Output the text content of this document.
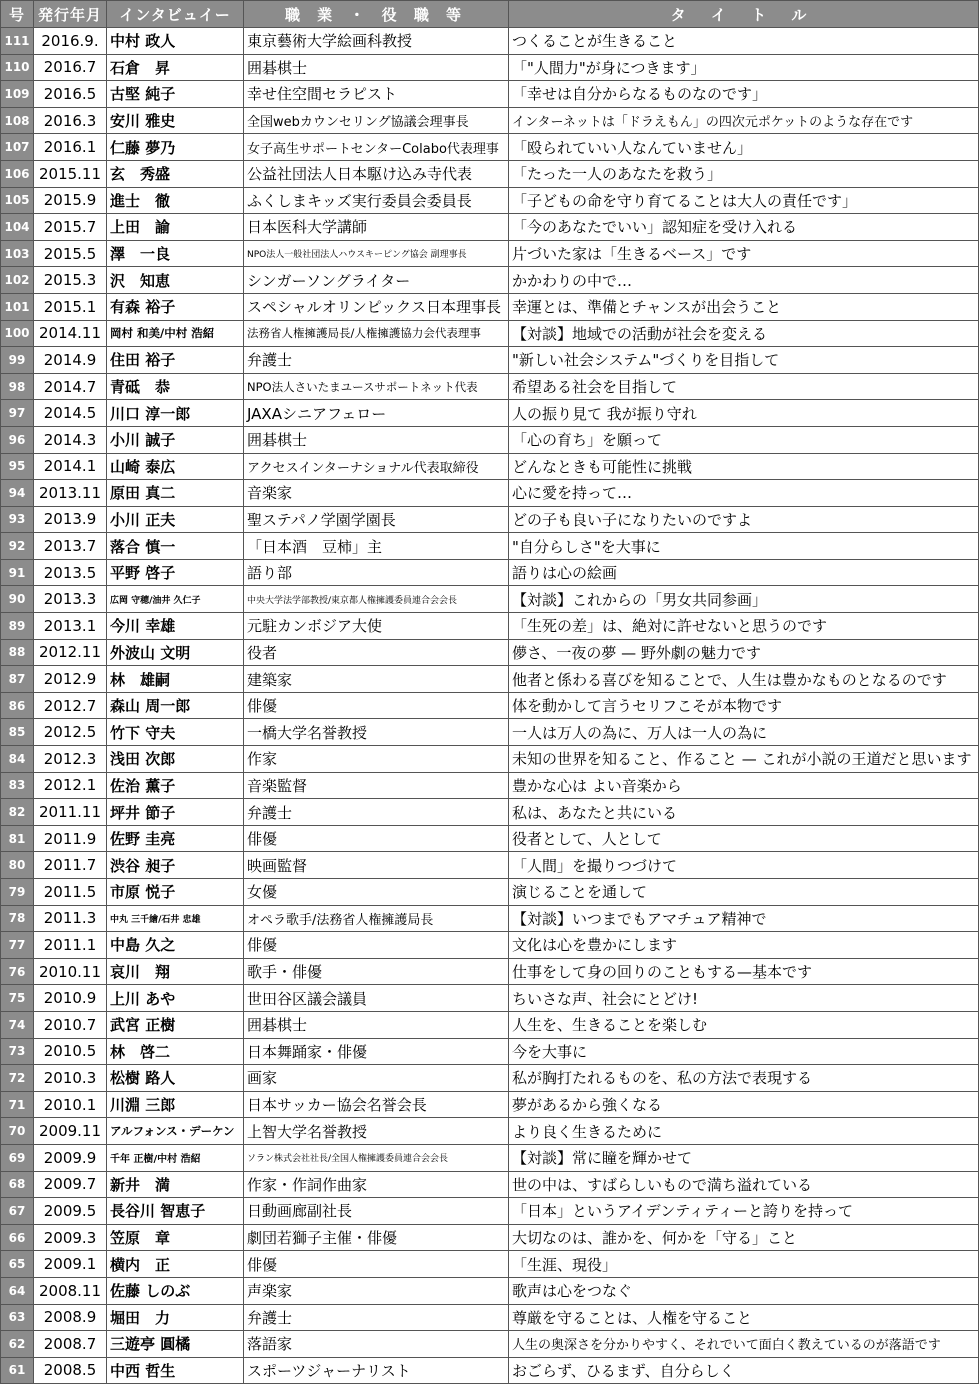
号	発行年月	インタビュイー	職 業 ・ 役 職 等	タ イ ト ル
111	2016.9.	中村 政人	東京藝術大学絵画科教授	つくることが生きること
110	2016.7	石倉　昇	囲碁棋士	「"人間力"が身につきます」
109	2016.5	古堅 純子	幸せ住空間セラピスト	「幸せは自分からなるものなのです」
108	2016.3	安川 雅史	全国webカウンセリング協議会理事長	インターネットは「ドラえもん」の四次元ポケットのような存在です
107	2016.1	仁藤 夢乃	女子高生サポートセンターColabo代表理事	「殴られていい人なんていません」
106	2015.11	玄　秀盛	公益社団法人日本駆け込み寺代表	「たった一人のあなたを救う」
105	2015.9	進士　徹	ふくしまキッズ実行委員会委員長	「子どもの命を守り育てることは大人の責任です」
104	2015.7	上田　諭	日本医科大学講師	「今のあなたでいい」認知症を受け入れる
103	2015.5	澤　一良	NPO法人一般社団法人ハウスキーピング協会 副理事長	片づいた家は「生きるベース」です
102	2015.3	沢　知恵	シンガーソングライター	かかわりの中で…
101	2015.1	有森 裕子	スペシャルオリンピックス日本理事長	幸運とは、準備とチャンスが出会うこと
100	2014.11	岡村 和美/中村 浩紹	法務省人権擁護局長/人権擁護協力会代表理事	【対談】地域での活動が社会を変える
99	2014.9	住田 裕子	弁護士	"新しい社会システム"づくりを目指して
98	2014.7	青砥　恭	NPO法人さいたまユースサポートネット代表	希望ある社会を目指して
97	2014.5	川口 淳一郎	JAXAシニアフェロー	人の振り見て 我が振り守れ
96	2014.3	小川 誠子	囲碁棋士	「心の育ち」を願って
95	2014.1	山崎 泰広	アクセスインターナショナル代表取締役	どんなときも可能性に挑戦
94	2013.11	原田 真二	音楽家	心に愛を持って…
93	2013.9	小川 正夫	聖ステパノ学園学園長	どの子も良い子になりたいのですよ
92	2013.7	落合 慎一	「日本酒　豆柿」主	"自分らしさ"を大事に
91	2013.5	平野 啓子	語り部	語りは心の絵画
90	2013.3	広岡 守穂/油井 久仁子	中央大学法学部教授/東京都人権擁護委員連合会会長	【対談】これからの「男女共同参画」
89	2013.1	今川 幸雄	元駐カンボジア大使	「生死の差」は、絶対に許せないと思うのです
88	2012.11	外波山 文明	役者	儚さ、一夜の夢 — 野外劇の魅力です
87	2012.9	林　雄嗣	建築家	他者と係わる喜びを知ることで、人生は豊かなものとなるのです
86	2012.7	森山 周一郎	俳優	体を動かして言うセリフこそが本物です
85	2012.5	竹下 守夫	一橋大学名誉教授	一人は万人の為に、万人は一人の為に
84	2012.3	浅田 次郎	作家	未知の世界を知ること、作ること — これが小説の王道だと思います
83	2012.1	佐治 薫子	音楽監督	豊かな心は よい音楽から
82	2011.11	坪井 節子	弁護士	私は、あなたと共にいる
81	2011.9	佐野 圭亮	俳優	役者として、人として
80	2011.7	渋谷 昶子	映画監督	「人間」を撮りつづけて
79	2011.5	市原 悦子	女優	演じることを通して
78	2011.3	中丸 三千繪/石井 忠雄	オペラ歌手/法務省人権擁護局長	【対談】いつまでもアマチュア精神で
77	2011.1	中島 久之	俳優	文化は心を豊かにします
76	2010.11	哀川　翔	歌手・俳優	仕事をして身の回りのこともする—基本です
75	2010.9	上川 あや	世田谷区議会議員	ちいさな声、社会にとどけ!
74	2010.7	武宮 正樹	囲碁棋士	人生を、生きることを楽しむ
73	2010.5	林　啓二	日本舞踊家・俳優	今を大事に
72	2010.3	松樹 路人	画家	私が胸打たれるものを、私の方法で表現する
71	2010.1	川淵 三郎	日本サッカー協会名誉会長	夢があるから強くなる
70	2009.11	アルフォンス・デーケン	上智大学名誉教授	より良く生きるために
69	2009.9	千年 正樹/中村 浩紹	ソラン株式会社社長/全国人権擁護委員連合会会長	【対談】常に瞳を輝かせて
68	2009.7	新井　満	作家・作詞作曲家	世の中は、すばらしいもので満ち溢れている
67	2009.5	長谷川 智恵子	日動画廊副社長	「日本」というアイデンティティーと誇りを持って
66	2009.3	笠原　章	劇団若獅子主催・俳優	大切なのは、誰かを、何かを「守る」こと
65	2009.1	横内　正	俳優	「生涯、現役」
64	2008.11	佐藤 しのぶ	声楽家	歌声は心をつなぐ
63	2008.9	堀田　力	弁護士	尊厳を守ることは、人権を守ること
62	2008.7	三遊亭 圓橘	落語家	人生の奥深さを分かりやすく、それでいて面白く教えているのが落語です
61	2008.5	中西 哲生	スポーツジャーナリスト	おごらず、ひるまず、自分らしく
